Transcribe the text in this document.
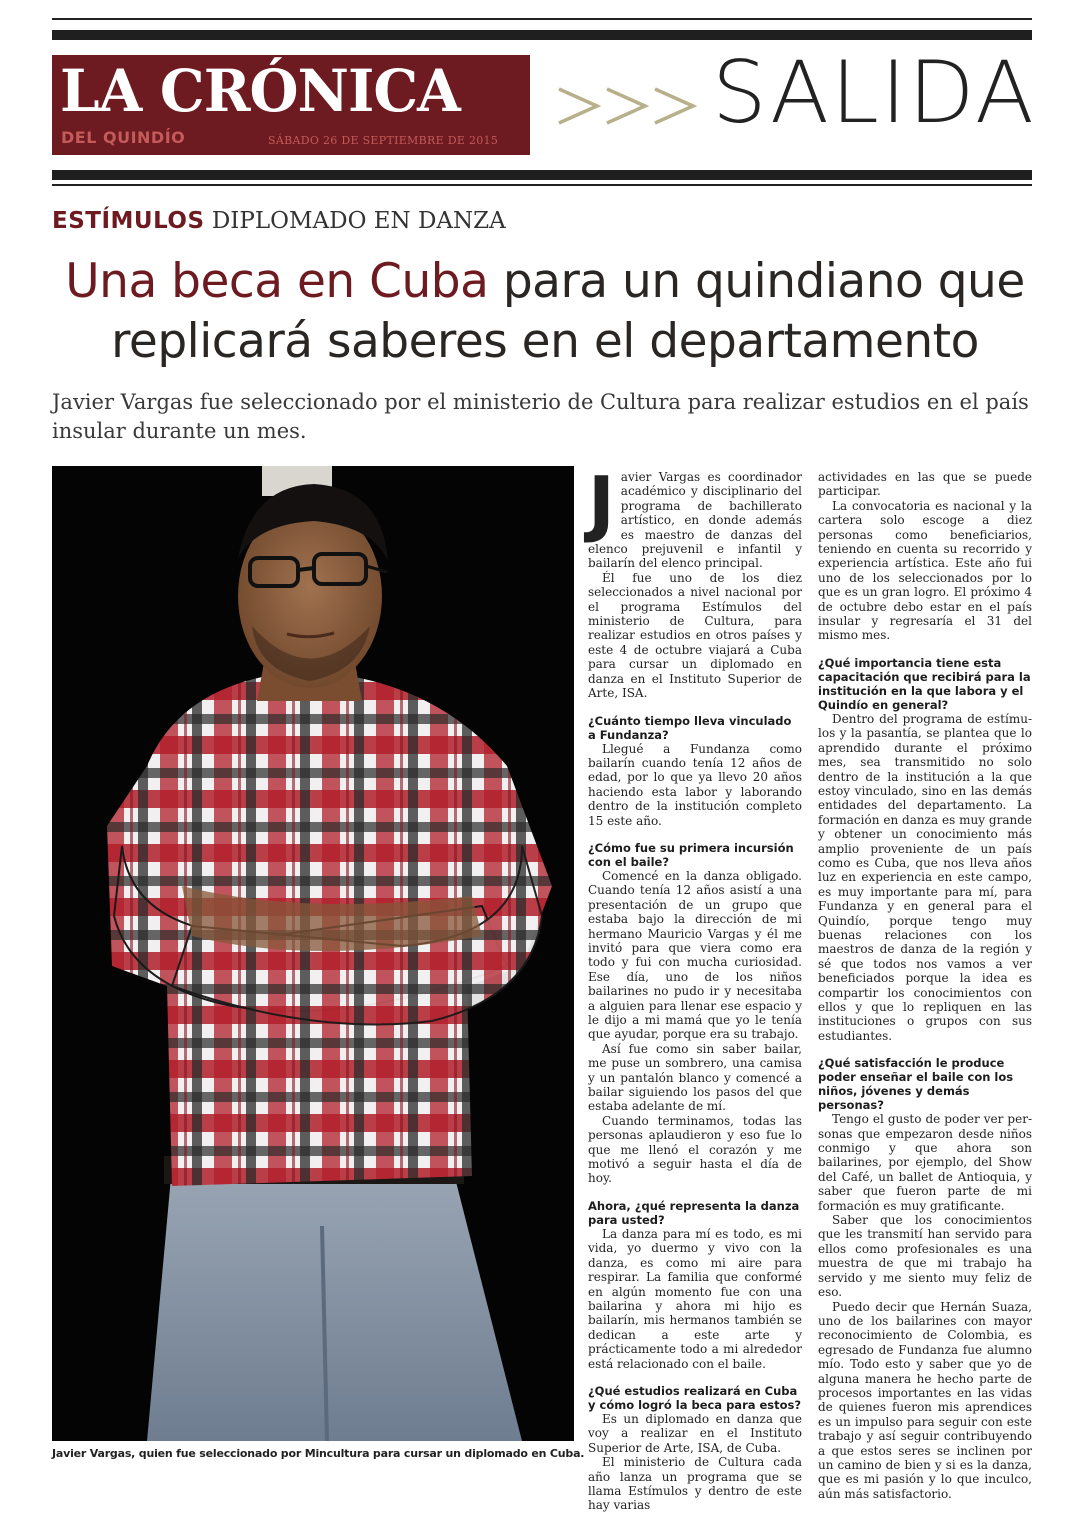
LA CRÓNICA
DEL QUINDÍO	SÁBADO 26 DE SEPTIEMBRE DE 2015 SALIDA
ESTÍMULOS DIPLOMADO EN DANZA
Una beca en Cuba para un quindiano que
replicará saberes en el departamento
Javier Vargas fue seleccionado por el ministerio de Cultura para realizar estudios en el país insular durante un mes.
Javier Vargas, quien fue seleccionado por Mincultura para cursar un diplomado en Cuba.

Javier Vargas es coordinador académico y disciplinario del programa de bachillerato artístico, en donde además es maestro de danzas del elenco prejuvenil e infantil y bailarín del elenco principal.

Él fue uno de los diez seleccionados a nivel nacional por el programa Estímulos del ministerio de Cultura, para realizar estudios en otros países y este 4 de octubre viajará a Cuba para cursar un diplomado en danza en el Instituto Superior de Arte, ISA.

¿Cuánto tiempo lleva vinculado a Fundanza?

Llegué a Fundanza como bailarín cuando tenía 12 años de edad, por lo que ya llevo 20 años haciendo esta labor y laborando dentro de la institución completo 15 este año.

¿Cómo fue su primera incursión con el baile?

Comencé en la danza obligado. Cuando tenía 12 años asistí a una presentación de un grupo que estaba bajo la dirección de mi hermano Mauricio Vargas y él me invitó para que viera como era todo y fui con mucha curiosidad. Ese día, uno de los niños bailarines no pudo ir y necesitaba a alguien para llenar ese espacio y le dijo a mi mamá que yo le tenía que ayudar, porque era su trabajo.

Así fue como sin saber bailar, me puse un sombrero, una camisa y un pantalón blanco y comencé a bailar siguiendo los pasos del que estaba adelante de mí.

Cuando terminamos, todas las personas aplaudieron y eso fue lo que me llenó el corazón y me motivó a seguir hasta el día de hoy.

Ahora, ¿qué representa la danza para usted?

La danza para mí es todo, es mi vida, yo duermo y vivo con la danza, es como mi aire para respirar. La familia que conformé en algún momento fue con una bailarina y ahora mi hijo es bailarín, mis hermanos también se dedican a este arte y prácticamente todo a mi alrededor está relacionado con el baile.

¿Qué estudios realizará en Cuba y cómo logró la beca para estos?

Es un diplomado en danza que voy a realizar en el Instituto Superior de Arte, ISA, de Cuba.

El ministerio de Cultura cada año lanza un programa que se llama Estímulos y dentro de este hay varias

actividades en las que se puede participar.

La convocatoria es nacional y la cartera solo escoge a diez personas como beneficiarios, teniendo en cuenta su recorrido y experiencia artística. Este año fui uno de los seleccionados por lo que es un gran logro. El próximo 4 de octubre debo estar en el país insular y regresaría el 31 del mismo mes.

¿Qué importancia tiene esta capacitación que recibirá para la institución en la que labora y el Quindío en general?

Dentro del programa de estímulos y la pasantía, se plantea que lo aprendido durante el próximo mes, sea transmitido no solo dentro de la institución a la que estoy vinculado, sino en las demás entidades del departamento. La formación en danza es muy grande y obtener un conocimiento más amplio proveniente de un país como es Cuba, que nos lleva años luz en experiencia en este campo, es muy importante para mí, para Fundanza y en general para el Quindío, porque tengo muy buenas relaciones con los maestros de danza de la región y sé que todos nos vamos a ver beneficiados porque la idea es compartir los conocimientos con ellos y que lo repliquen en las instituciones o grupos con sus estudiantes.

¿Qué satisfacción le produce poder enseñar el baile con los niños, jóvenes y demás personas?

Tengo el gusto de poder ver personas que empezaron desde niños conmigo y que ahora son bailarines, por ejemplo, del Show del Café, un ballet de Antioquia, y saber que fueron parte de mi formación es muy gratificante.

Saber que los conocimientos que les transmití han servido para ellos como profesionales es una muestra de que mi trabajo ha servido y me siento muy feliz de eso.

Puedo decir que Hernán Suaza, uno de los bailarines con mayor reconocimiento de Colombia, es egresado de Fundanza fue alumno mío. Todo esto y saber que yo de alguna manera he hecho parte de procesos importantes en las vidas de quienes fueron mis aprendices es un impulso para seguir con este trabajo y así seguir contribuyendo a que estos seres se inclinen por un camino de bien y si es la danza, que es mi pasión y lo que inculco, aún más satisfactorio.
